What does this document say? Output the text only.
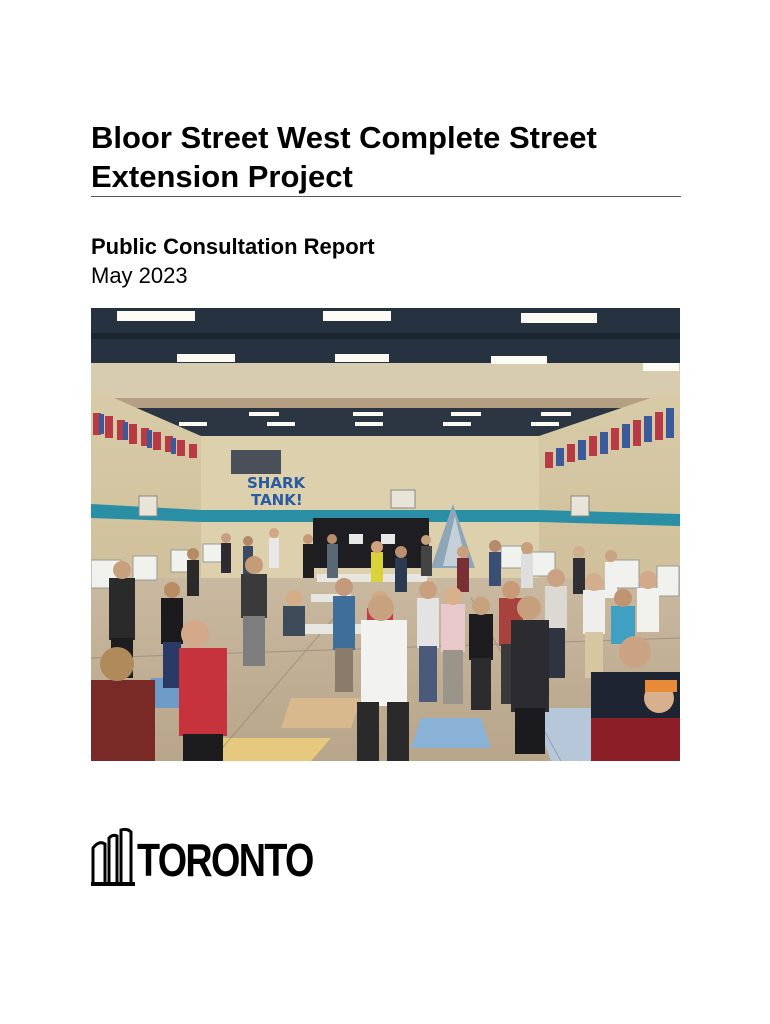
Bloor Street West Complete Street
Extension Project
Public Consultation Report

May 2023

SHARK
TANK!
TORONTO
